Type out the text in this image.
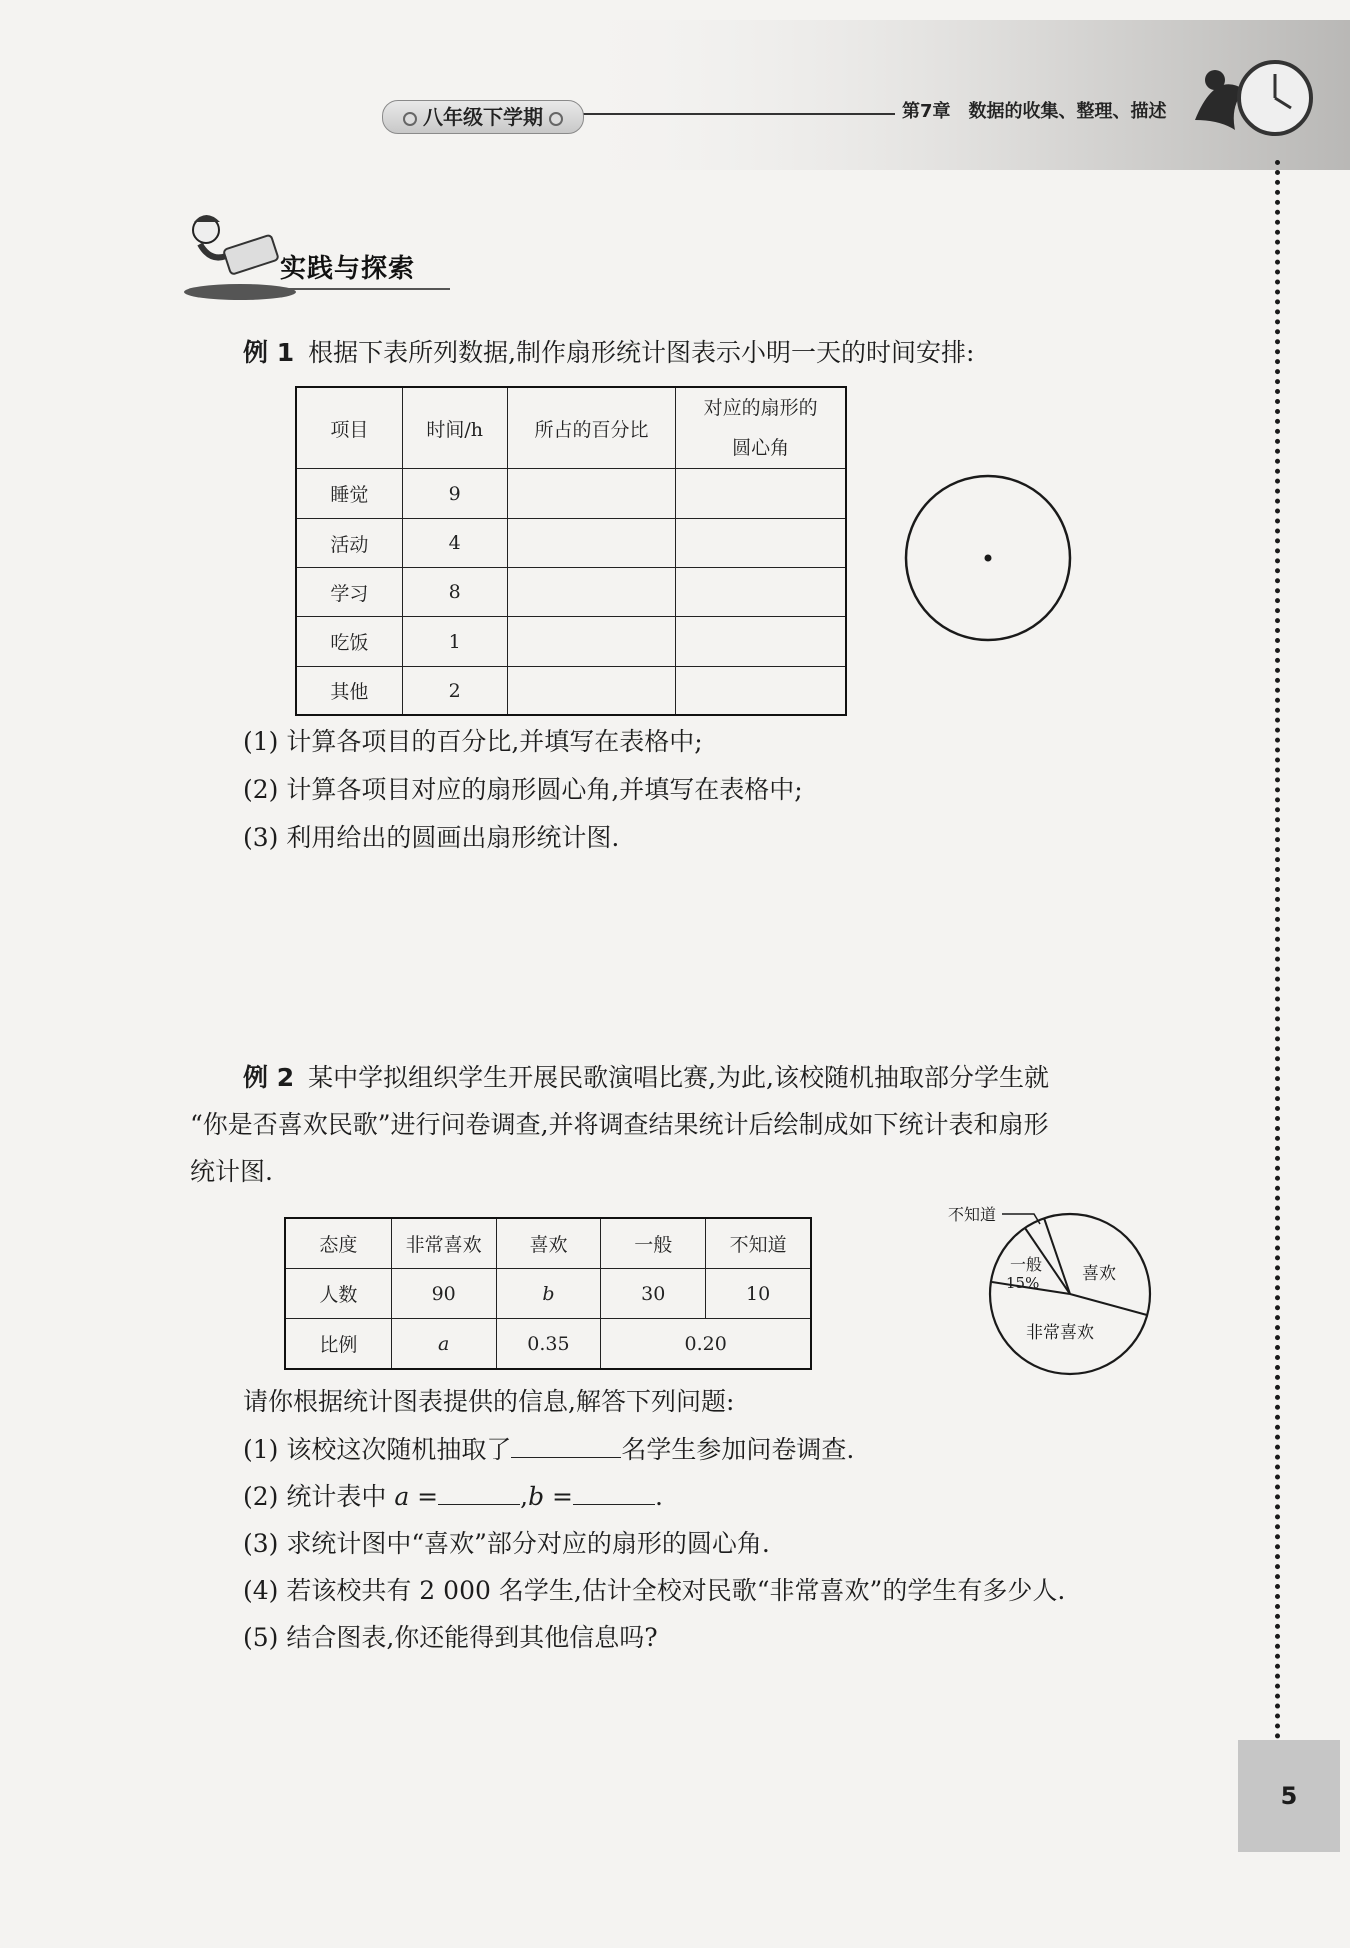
八年级下学期	第7章 数据的收集、整理、描述
实践与探索
例 1 根据下表所列数据,制作扇形统计图表示小明一天的时间安排:
项目	时间/h	所占的百分比	对应的扇形的
圆心角
睡觉	9		
活动	4		
学习	8		
吃饭	1		
其他	2		
(1) 计算各项目的百分比,并填写在表格中;
(2) 计算各项目对应的扇形圆心角,并填写在表格中;
(3) 利用给出的圆画出扇形统计图.
例 2 某中学拟组织学生开展民歌演唱比赛,为此,该校随机抽取部分学生就
“你是否喜欢民歌”进行问卷调查,并将调查结果统计后绘制成如下统计表和扇形
统计图.
态度	非常喜欢	喜欢	一般	不知道
人数	90	b	30	10
比例	a	0.35	0.20	
不知道
一般
15%	喜欢
非常喜欢
请你根据统计图表提供的信息,解答下列问题:
(1) 该校这次随机抽取了	名学生参加问卷调查.
(2) 统计表中 a =	,b =	.
(3) 求统计图中“喜欢”部分对应的扇形的圆心角.
(4) 若该校共有 2 000 名学生,估计全校对民歌“非常喜欢”的学生有多少人.
(5) 结合图表,你还能得到其他信息吗?
5
